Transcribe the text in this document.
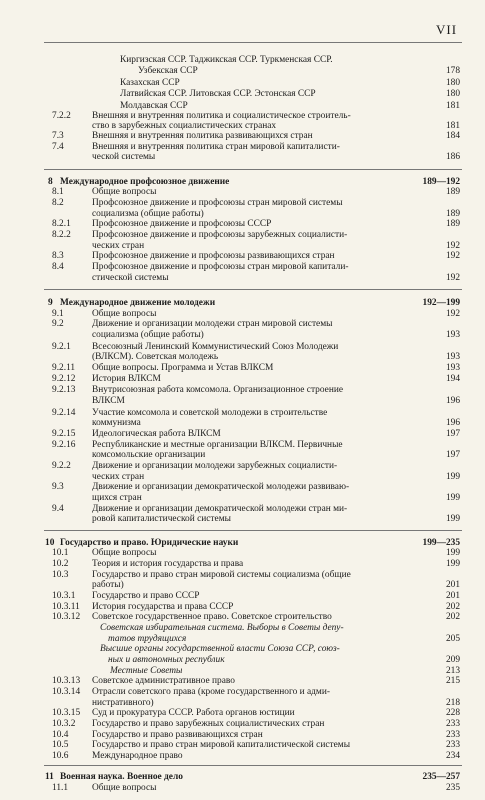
VII
Киргизская ССР. Таджикская ССР. Туркменская ССР.
Узбекская ССР	178
Казахская ССР	180
Латвийская ССР. Литовская ССР. Эстонская ССР	180
Молдавская ССР	181
7.2.2 Внешняя и внутренняя политика и социалистическое строитель-
ство в зарубежных социалистических странах	181
7.3	Внешняя и внутренняя политика развивающихся стран	184
7.4	Внешняя и внутренняя политика стран мировой капиталисти-
ческой системы	186
8 Международное профсоюзное движение	189—192
8.1	Общие вопросы	189
8.2	Профсоюзное движение и профсоюзы стран мировой системы
социализма (общие работы)	189
8.2.1 Профсоюзное движение и профсоюзы СССР	189
8.2.2 Профсоюзное движение и профсоюзы зарубежных социалисти-
ческих стран	192
8.3	Профсоюзное движение и профсоюзы развивающихся стран	192
8.4	Профсоюзное движение и профсоюзы стран мировой капитали-
стической системы	192
9 Международное движение молодежи	192—199
9.1	Общие вопросы	192
9.2	Движение и организации молодежи стран мировой системы
социализма (общие работы)	193
9.2.1 Всесоюзный Ленинский Коммунистический Союз Молодежи
(ВЛКСМ). Советская молодежь	193
9.2.11 Общие вопросы. Программа и Устав ВЛКСМ	193
9.2.12 История ВЛКСМ	194
9.2.13 Внутрисоюзная работа комсомола. Организационное строение
ВЛКСМ	196
9.2.14 Участие комсомола и советской молодежи в строительстве
коммунизма	196
9.2.15 Идеологическая работа ВЛКСМ	197
9.2.16 Республиканские и местные организации ВЛКСМ. Первичные
комсомольские организации	197
9.2.2 Движение и организации молодежи зарубежных социалисти-
ческих стран	199
9.3	Движение и организации демократической молодежи развиваю-
щихся стран	199
9.4	Движение и организации демократической молодежи стран ми-
ровой капиталистической системы	199
10 Государство и право. Юридические науки	199—235
10.1	Общие вопросы	199
10.2	Теория и история государства и права	199
10.3	Государство и право стран мировой системы социализма (общие
работы)	201
10.3.1 Государство и право СССР	201
10.3.11 История государства и права СССР	202
10.3.12 Советское государственное право. Советское строительство	202
Советская избирательная система. Выборы в Советы депу-
татов трудящихся	205
Высшие органы государственной власти Союза ССР, союз-
ных и автономных республик	209
Местные Советы	213
10.3.13 Советское административное право	215
10.3.14 Отрасли советского права (кроме государственного и адми-
нистративного)	218
10.3.15 Суд и прокуратура СССР. Работа органов юстиции	228
10.3.2 Государство и право зарубежных социалистических стран	233
10.4	Государство и право развивающихся стран	233
10.5	Государство и право стран мировой капиталистической системы	233
10.6	Международное право	234
11 Военная наука. Военное дело	235—257
11.1	Общие вопросы	235
